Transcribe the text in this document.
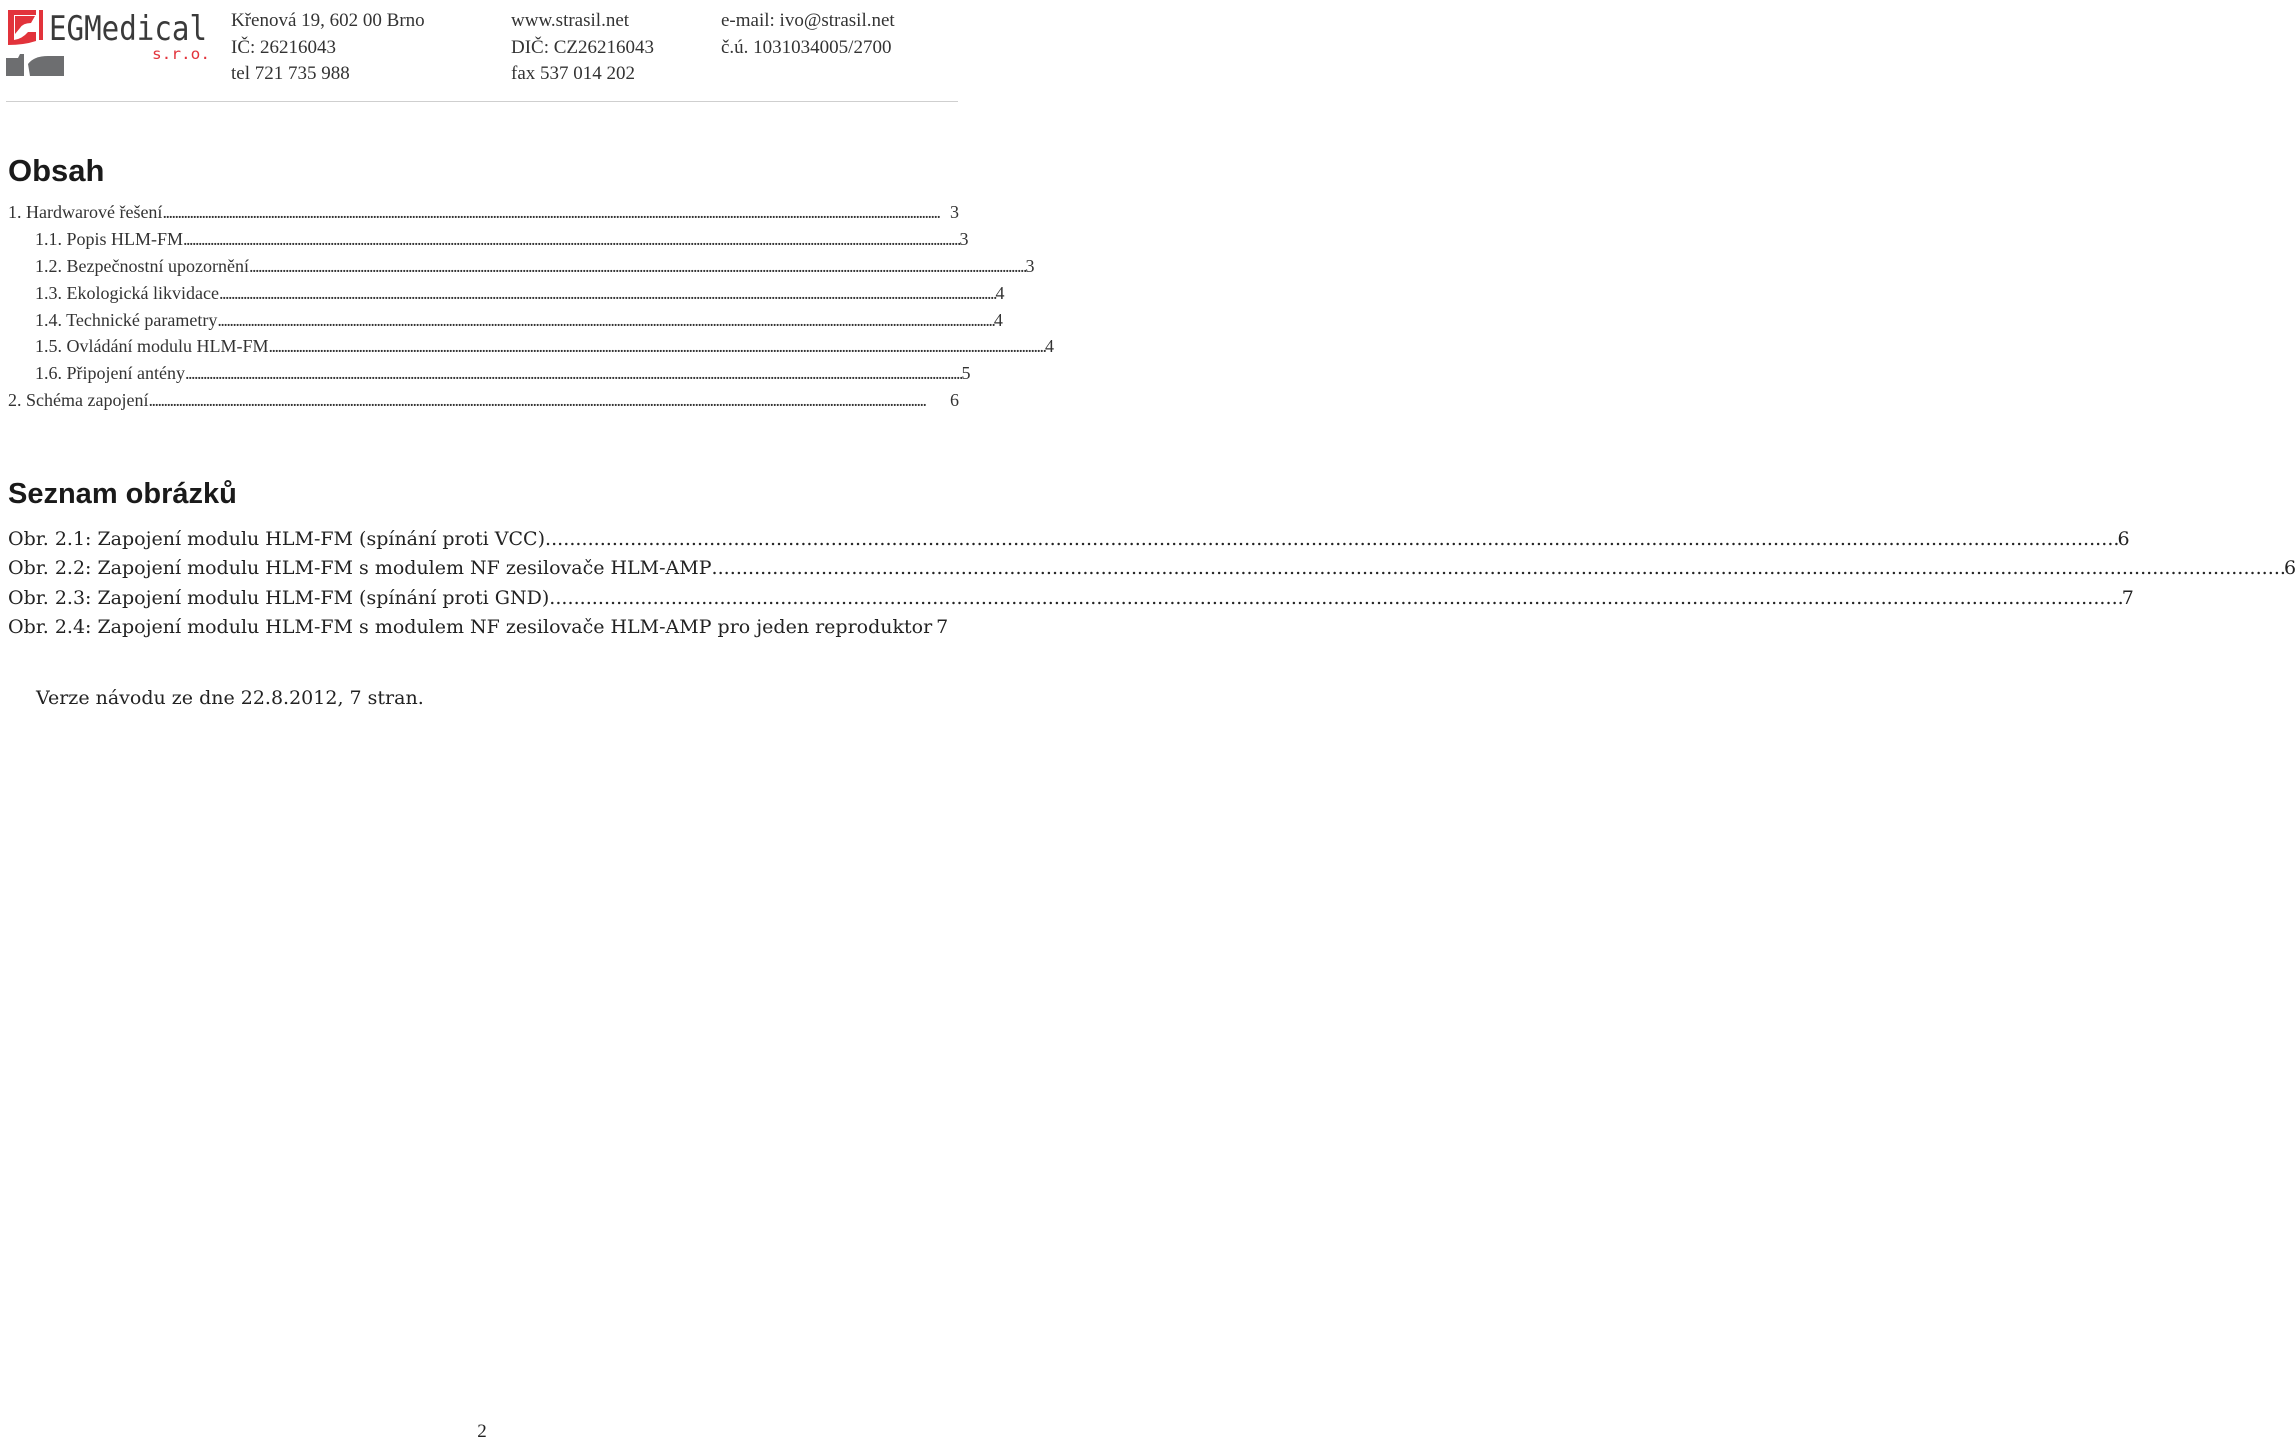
EGMedical
s.r.o.
Křenová 19, 602 00 Brno
IČ: 26216043
tel 721 735 988
www.strasil.net
DIČ: CZ26216043
fax 537 014 202
e-mail: ivo@strasil.net
č.ú. 1031034005/2700
Obsah
1. Hardwarové řešení . . .	3
1.1. Popis HLM-FM . . .	3
1.2. Bezpečnostní upozornění . . .	3
1.3. Ekologická likvidace . . .	4
1.4. Technické parametry . . .	4
1.5. Ovládání modulu HLM-FM . . .	4
1.6. Připojení antény . . .	5
2. Schéma zapojení . . .	6
Seznam obrázků
Obr. 2.1: Zapojení modulu HLM-FM (spínání proti VCC) . . .	6
Obr. 2.2: Zapojení modulu HLM-FM s modulem NF zesilovače HLM-AMP . . .	6
Obr. 2.3: Zapojení modulu HLM-FM (spínání proti GND) . . .	7
Obr. 2.4: Zapojení modulu HLM-FM s modulem NF zesilovače HLM-AMP pro jeden reproduktor 7
Verze návodu ze dne 22.8.2012, 7 stran.
2
